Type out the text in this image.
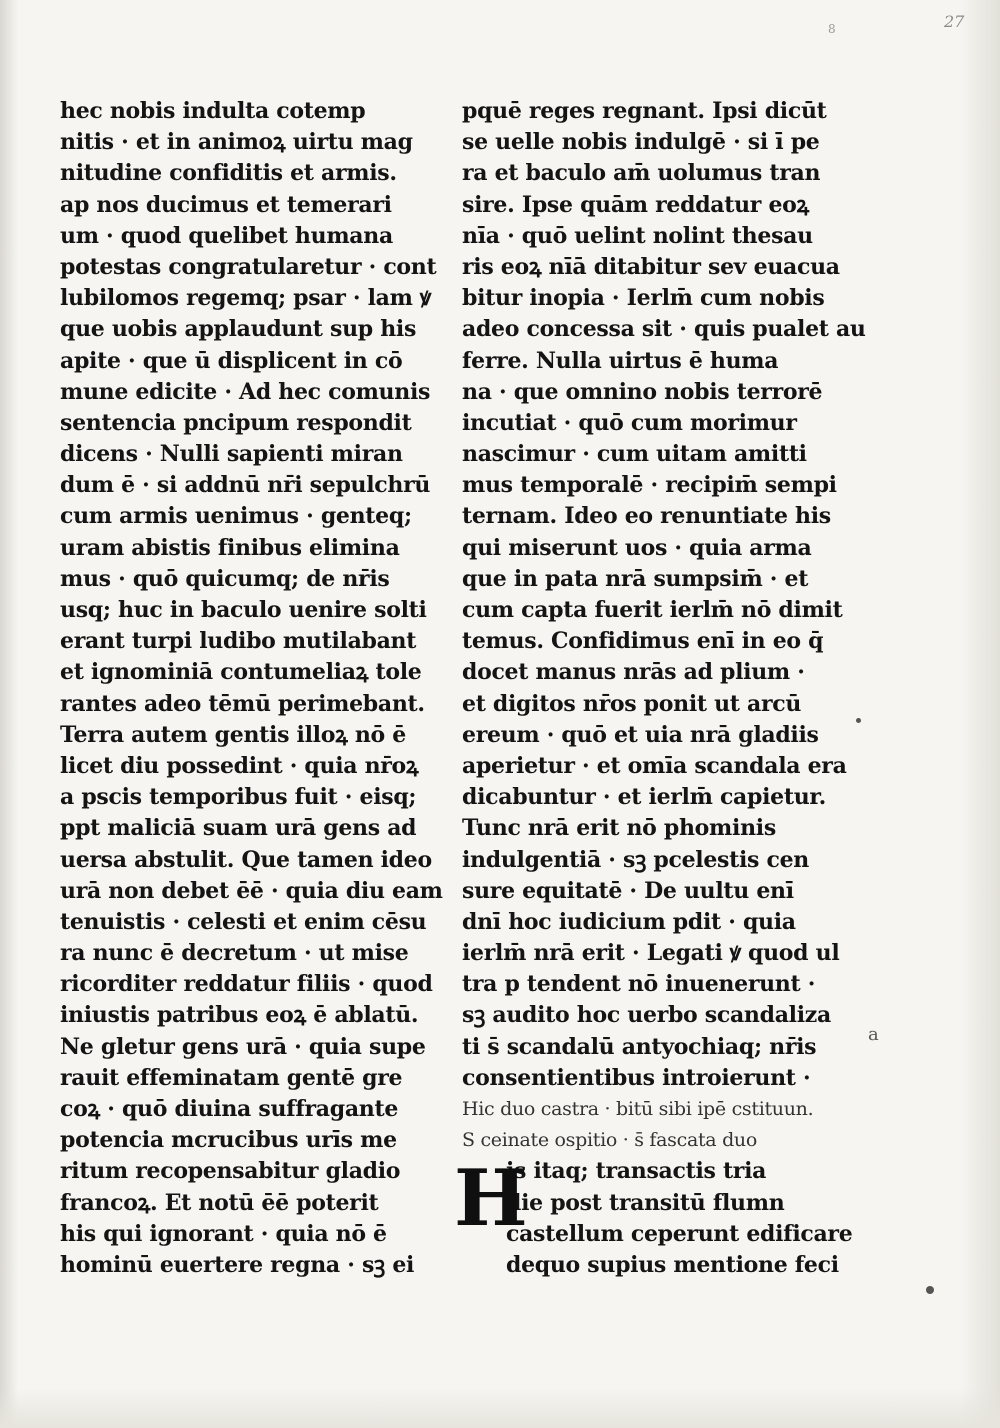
27
8
hec nobis indulta cotemp
nitis · et in animoꝝ uirtu mag
nitudine confiditis et armis.
ap nos ducimus et temerari
um · quod quelibet humana
potestas congratularetur · cont
lubilomos regemq; psar · lam ꝟ
que uobis applaudunt sup his
apite · que ū displicent in cō
mune edicite · Ad hec comunis
sentencia pncipum respondit
dicens · Nulli sapienti miran
dum ē · si addnū nr̄i sepulchrū
cum armis uenimus · genteq;
uram abistis finibus elimina
mus · quō quicumq; de nr̄is
usq; huc in baculo uenire solti
erant turpi ludibo mutilabant
et ignominiā contumeliaꝝ tole
rantes adeo tēmū perimebant.
Terra autem gentis illoꝝ nō ē
licet diu possedint · quia nr̄oꝝ
a pscis temporibus fuit · eisq;
ppt maliciā suam urā gens ad
uersa abstulit. Que tamen ideo
urā non debet ēē · quia diu eam
tenuistis · celesti et enim cēsu
ra nunc ē decretum · ut mise
ricorditer reddatur filiis · quod
iniustis patribus eoꝝ ē ablatū.
Ne gletur gens urā · quia supe
rauit effeminatam gentē gre
coꝝ · quō diuina suffragante
potencia mcrucibus urīs me
ritum recopensabitur gladio
francoꝝ. Et notū ēē poterit
his qui ignorant · quia nō ē
hominū euertere regna · sꝫ ei
pquē reges regnant. Ipsi dicūt
se uelle nobis indulgē · si ī pe
ra et baculo am̄ uolumus tran
sire. Ipse quām reddatur eoꝝ
nīa · quō uelint nolint thesau
ris eoꝝ nīā ditabitur sev euacua
bitur inopia · Ierlm̄ cum nobis
adeo concessa sit · quis pualet au
ferre. Nulla uirtus ē huma
na · que omnino nobis terrorē
incutiat · quō cum morimur
nascimur · cum uitam amitti
mus temporalē · recipim̄ sempi
ternam. Ideo eo renuntiate his
qui miserunt uos · quia arma
que in pata nrā sumpsim̄ · et
cum capta fuerit ierlm̄ nō dimit
temus. Confidimus enī in eo q̄
docet manus nrās ad plium ·
et digitos nr̄os ponit ut arcū
ereum · quō et uia nrā gladiis
aperietur · et omīa scandala era
dicabuntur · et ierlm̄ capietur.
Tunc nrā erit nō phominis
indulgentiā · sꝫ pcelestis cen
sure equitatē · De uultu enī
dnī hoc iudicium pdit · quia
ierlm̄ nrā erit · Legati ꝟ quod ul
tra p tendent nō inuenerunt ·
sꝫ audito hoc uerbo scandaliza
ti s̄ scandalū antyochiaq; nr̄is
consentientibus introierunt ·
Hic duo castra · bitū sibi ipē cstituun.
S ceinate ospitio · s̄ fascata duo
H
is itaq; transactis tria
die post transitū flumn
castellum ceperunt edificare
dequo supius mentione feci
a
